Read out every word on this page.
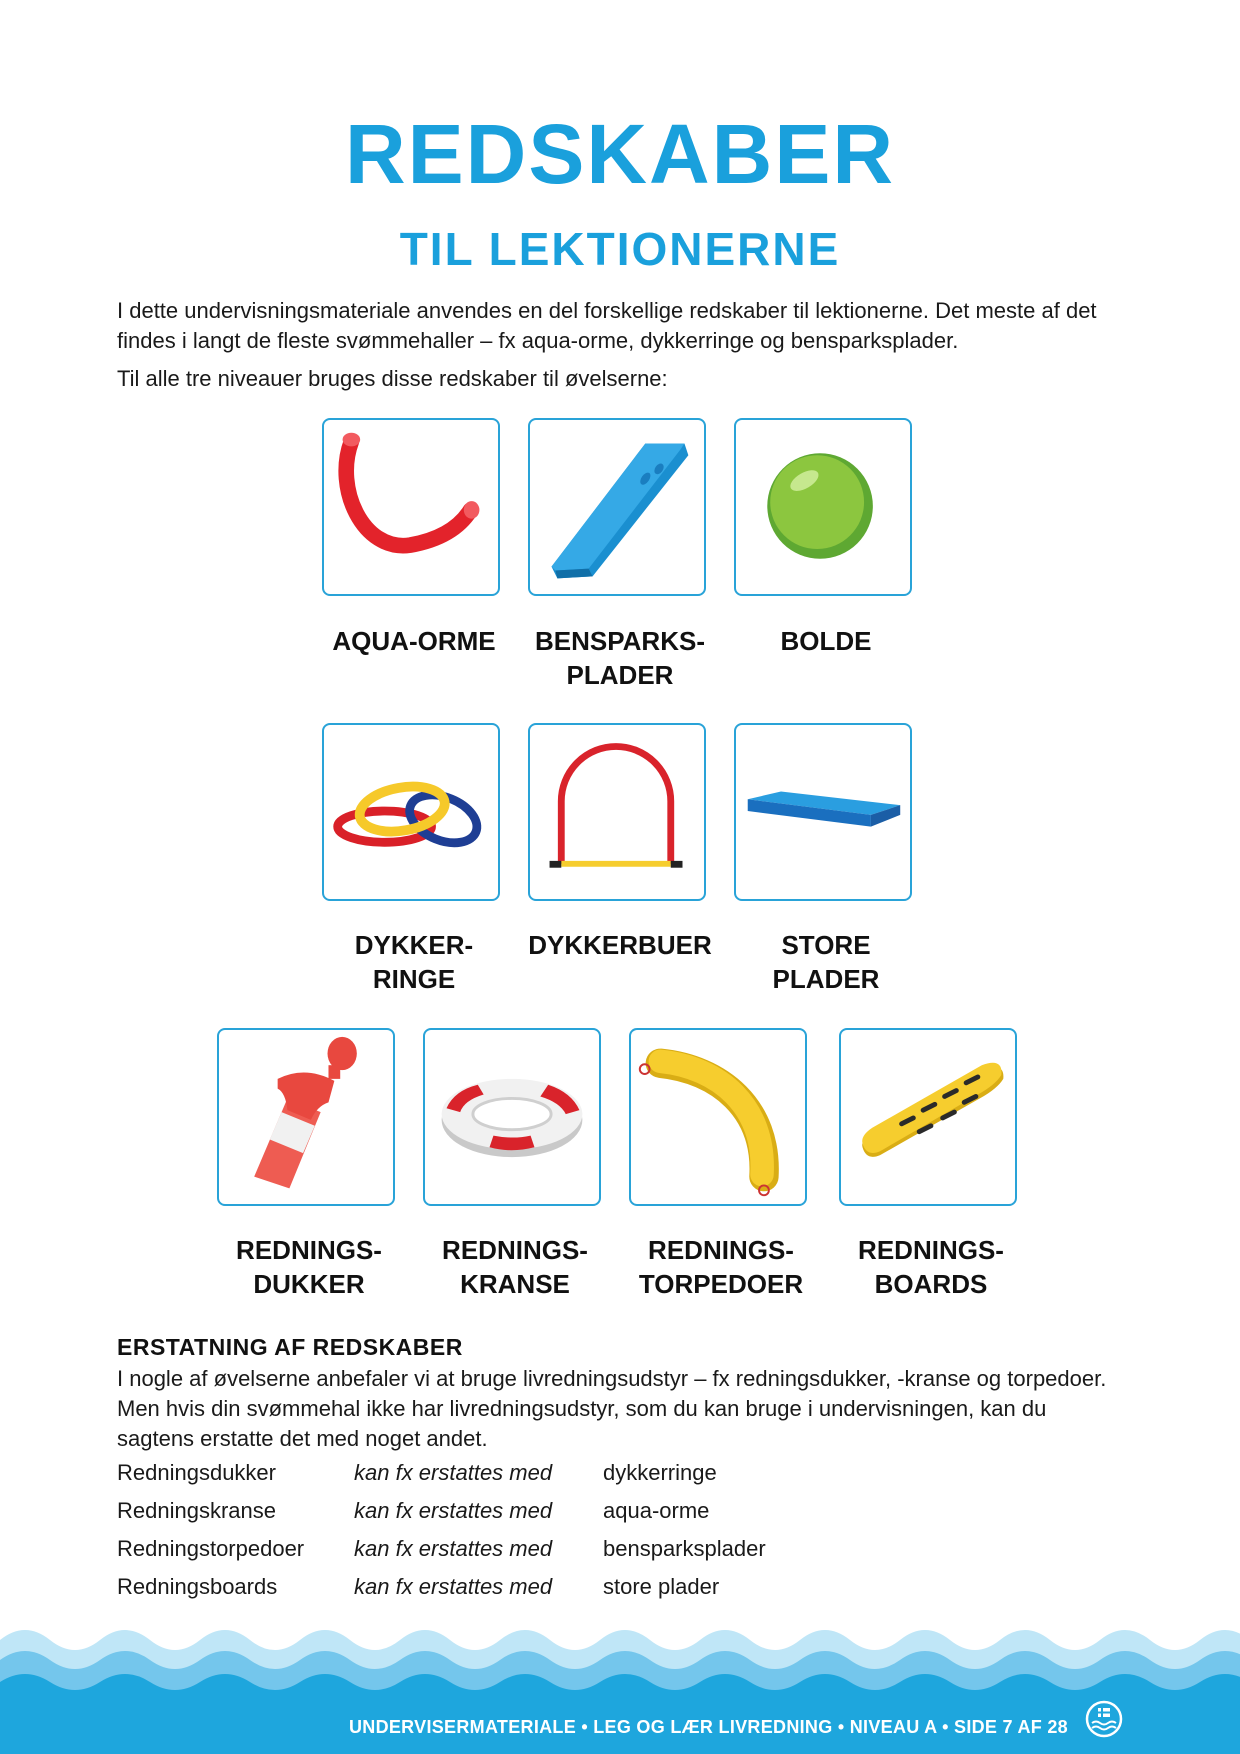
REDSKABER
TIL LEKTIONERNE

I dette undervisningsmateriale anvendes en del forskellige redskaber til lektionerne. Det meste af det findes i langt de fleste svømmehaller – fx aqua-orme, dykkerringe og bensparksplader.

Til alle tre niveauer bruges disse redskaber til øvelserne:

AQUA-ORME	BENSPARKS-
PLADER
BOLDE
DYKKER-
RINGE
DYKKERBUER	STORE
PLADER
REDNINGS-
DUKKER
REDNINGS-
KRANSE
REDNINGS-
TORPEDOER
REDNINGS-
BOARDS
ERSTATNING AF REDSKABER

I nogle af øvelserne anbefaler vi at bruge livredningsudstyr – fx redningsdukker, -kranse og torpedoer. Men hvis din svømmehal ikke har livredningsudstyr, som du kan bruge i undervisningen, kan du sagtens erstatte det med noget andet.

Redningsdukker	kan fx erstattes med dykkerringe
Redningskranse	kan fx erstattes med aqua-orme
Redningstorpedoer kan fx erstattes med bensparksplader
Redningsboards	kan fx erstattes med store plader
UNDERVISERMATERIALE • LEG OG LÆR LIVREDNING • NIVEAU A • SIDE 7 AF 28
